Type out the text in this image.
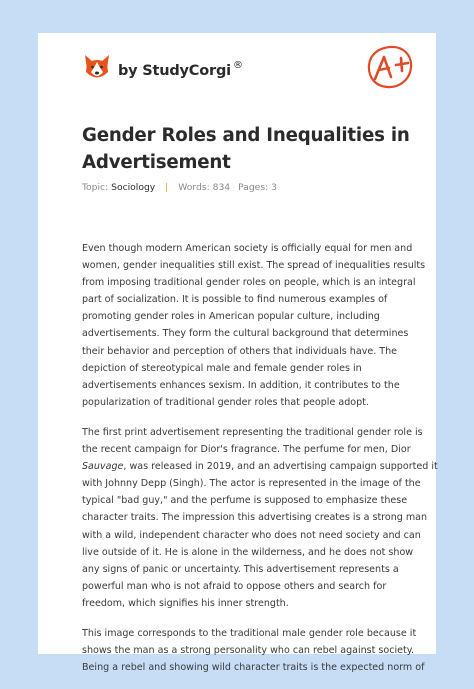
by StudyCorgi ®
Gender Roles and Inequalities in
Advertisement
Topic: Sociology | Words: 834 Pages: 3

Even though modern American society is officially equal for men and
women, gender inequalities still exist. The spread of inequalities results
from imposing traditional gender roles on people, which is an integral
part of socialization. It is possible to find numerous examples of
promoting gender roles in American popular culture, including
advertisements. They form the cultural background that determines
their behavior and perception of others that individuals have. The
depiction of stereotypical male and female gender roles in
advertisements enhances sexism. In addition, it contributes to the
popularization of traditional gender roles that people adopt.

The first print advertisement representing the traditional gender role is
the recent campaign for Dior's fragrance. The perfume for men, Dior
Sauvage, was released in 2019, and an advertising campaign supported it
with Johnny Depp (Singh). The actor is represented in the image of the
typical "bad guy," and the perfume is supposed to emphasize these
character traits. The impression this advertising creates is a strong man
with a wild, independent character who does not need society and can
live outside of it. He is alone in the wilderness, and he does not show
any signs of panic or uncertainty. This advertisement represents a
powerful man who is not afraid to oppose others and search for
freedom, which signifies his inner strength.

This image corresponds to the traditional male gender role because it
shows the man as a strong personality who can rebel against society.
Being a rebel and showing wild character traits is the expected norm of
